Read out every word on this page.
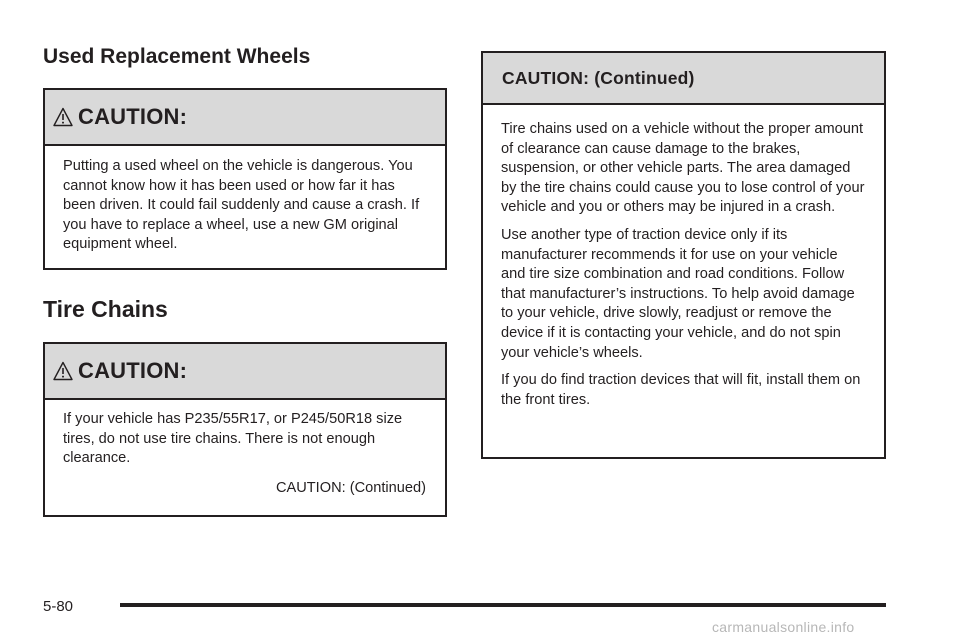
Used Replacement Wheels
CAUTION:

Putting a used wheel on the vehicle is dangerous. You cannot know how it has been used or how far it has been driven. It could fail suddenly and cause a crash. If you have to replace a wheel, use a new GM original equipment wheel.

Tire Chains
CAUTION:

If your vehicle has P235/55R17, or P245/50R18 size tires, do not use tire chains. There is not enough clearance.

CAUTION: (Continued)

CAUTION: (Continued)

Tire chains used on a vehicle without the proper amount of clearance can cause damage to the brakes, suspension, or other vehicle parts. The area damaged by the tire chains could cause you to lose control of your vehicle and you or others may be injured in a crash.

Use another type of traction device only if its manufacturer recommends it for use on your vehicle and tire size combination and road conditions. Follow that manufacturer’s instructions. To help avoid damage to your vehicle, drive slowly, readjust or remove the device if it is contacting your vehicle, and do not spin your vehicle’s wheels.

If you do find traction devices that will fit, install them on the front tires.

5-80
carmanualsonline.info
